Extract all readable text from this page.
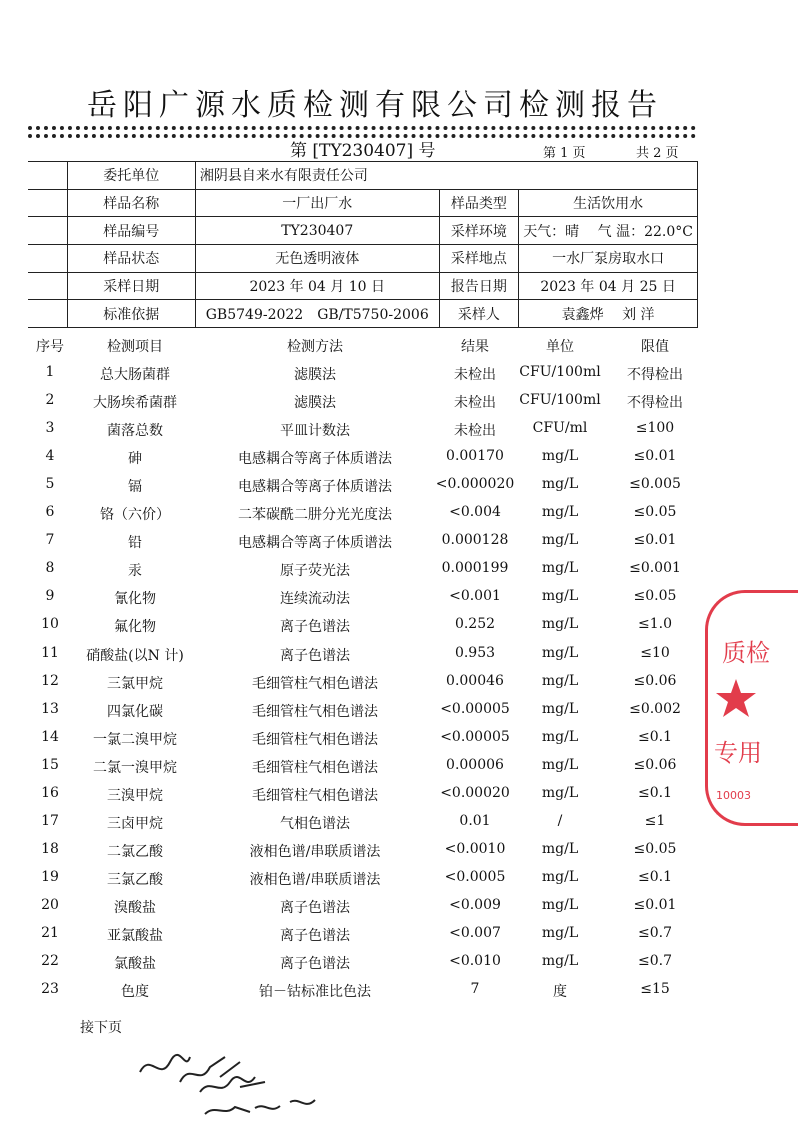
岳阳广源水质检测有限公司检测报告
第 [TY230407] 号	第 1 页	共 2 页
	委托单位	湘阴县自来水有限责任公司		
	样品名称	一厂出厂水	样品类型	生活饮用水
	样品编号	TY230407	采样环境	天气：晴　 气 温：22.0°C
	样品状态	无色透明液体	采样地点	一水厂泵房取水口
	采样日期	2023 年 04 月 10 日	报告日期	2023 年 04 月 25 日
	标准依据	GB5749-2022　GB/T5750-2006	采样人	袁鑫烨　 刘 洋
序号	检测项目	检测方法	结果	单位	限值
1	总大肠菌群	滤膜法	未检出	CFU/100ml	不得检出
2	大肠埃希菌群	滤膜法	未检出	CFU/100ml	不得检出
3	菌落总数	平皿计数法	未检出	CFU/ml	≤100
4	砷	电感耦合等离子体质谱法	0.00170	mg/L	≤0.01
5	镉	电感耦合等离子体质谱法	<0.000020	mg/L	≤0.005
6	铬（六价）	二苯碳酰二肼分光光度法	<0.004	mg/L	≤0.05
7	铅	电感耦合等离子体质谱法	0.000128	mg/L	≤0.01
8	汞	原子荧光法	0.000199	mg/L	≤0.001
9	氰化物	连续流动法	<0.001	mg/L	≤0.05
10	氟化物	离子色谱法	0.252	mg/L	≤1.0
11	硝酸盐(以N 计)	离子色谱法	0.953	mg/L	≤10
12	三氯甲烷	毛细管柱气相色谱法	0.00046	mg/L	≤0.06
13	四氯化碳	毛细管柱气相色谱法	<0.00005	mg/L	≤0.002
14	一氯二溴甲烷	毛细管柱气相色谱法	<0.00005	mg/L	≤0.1
15	二氯一溴甲烷	毛细管柱气相色谱法	0.00006	mg/L	≤0.06
16	三溴甲烷	毛细管柱气相色谱法	<0.00020	mg/L	≤0.1
17	三卤甲烷	气相色谱法	0.01	/	≤1
18	二氯乙酸	液相色谱/串联质谱法	<0.0010	mg/L	≤0.05
19	三氯乙酸	液相色谱/串联质谱法	<0.0005	mg/L	≤0.1
20	溴酸盐	离子色谱法	<0.009	mg/L	≤0.01
21	亚氯酸盐	离子色谱法	<0.007	mg/L	≤0.7
22	氯酸盐	离子色谱法	<0.010	mg/L	≤0.7
23	色度	铂－钴标准比色法	7	度	≤15
接下页
质检
专用
10003
